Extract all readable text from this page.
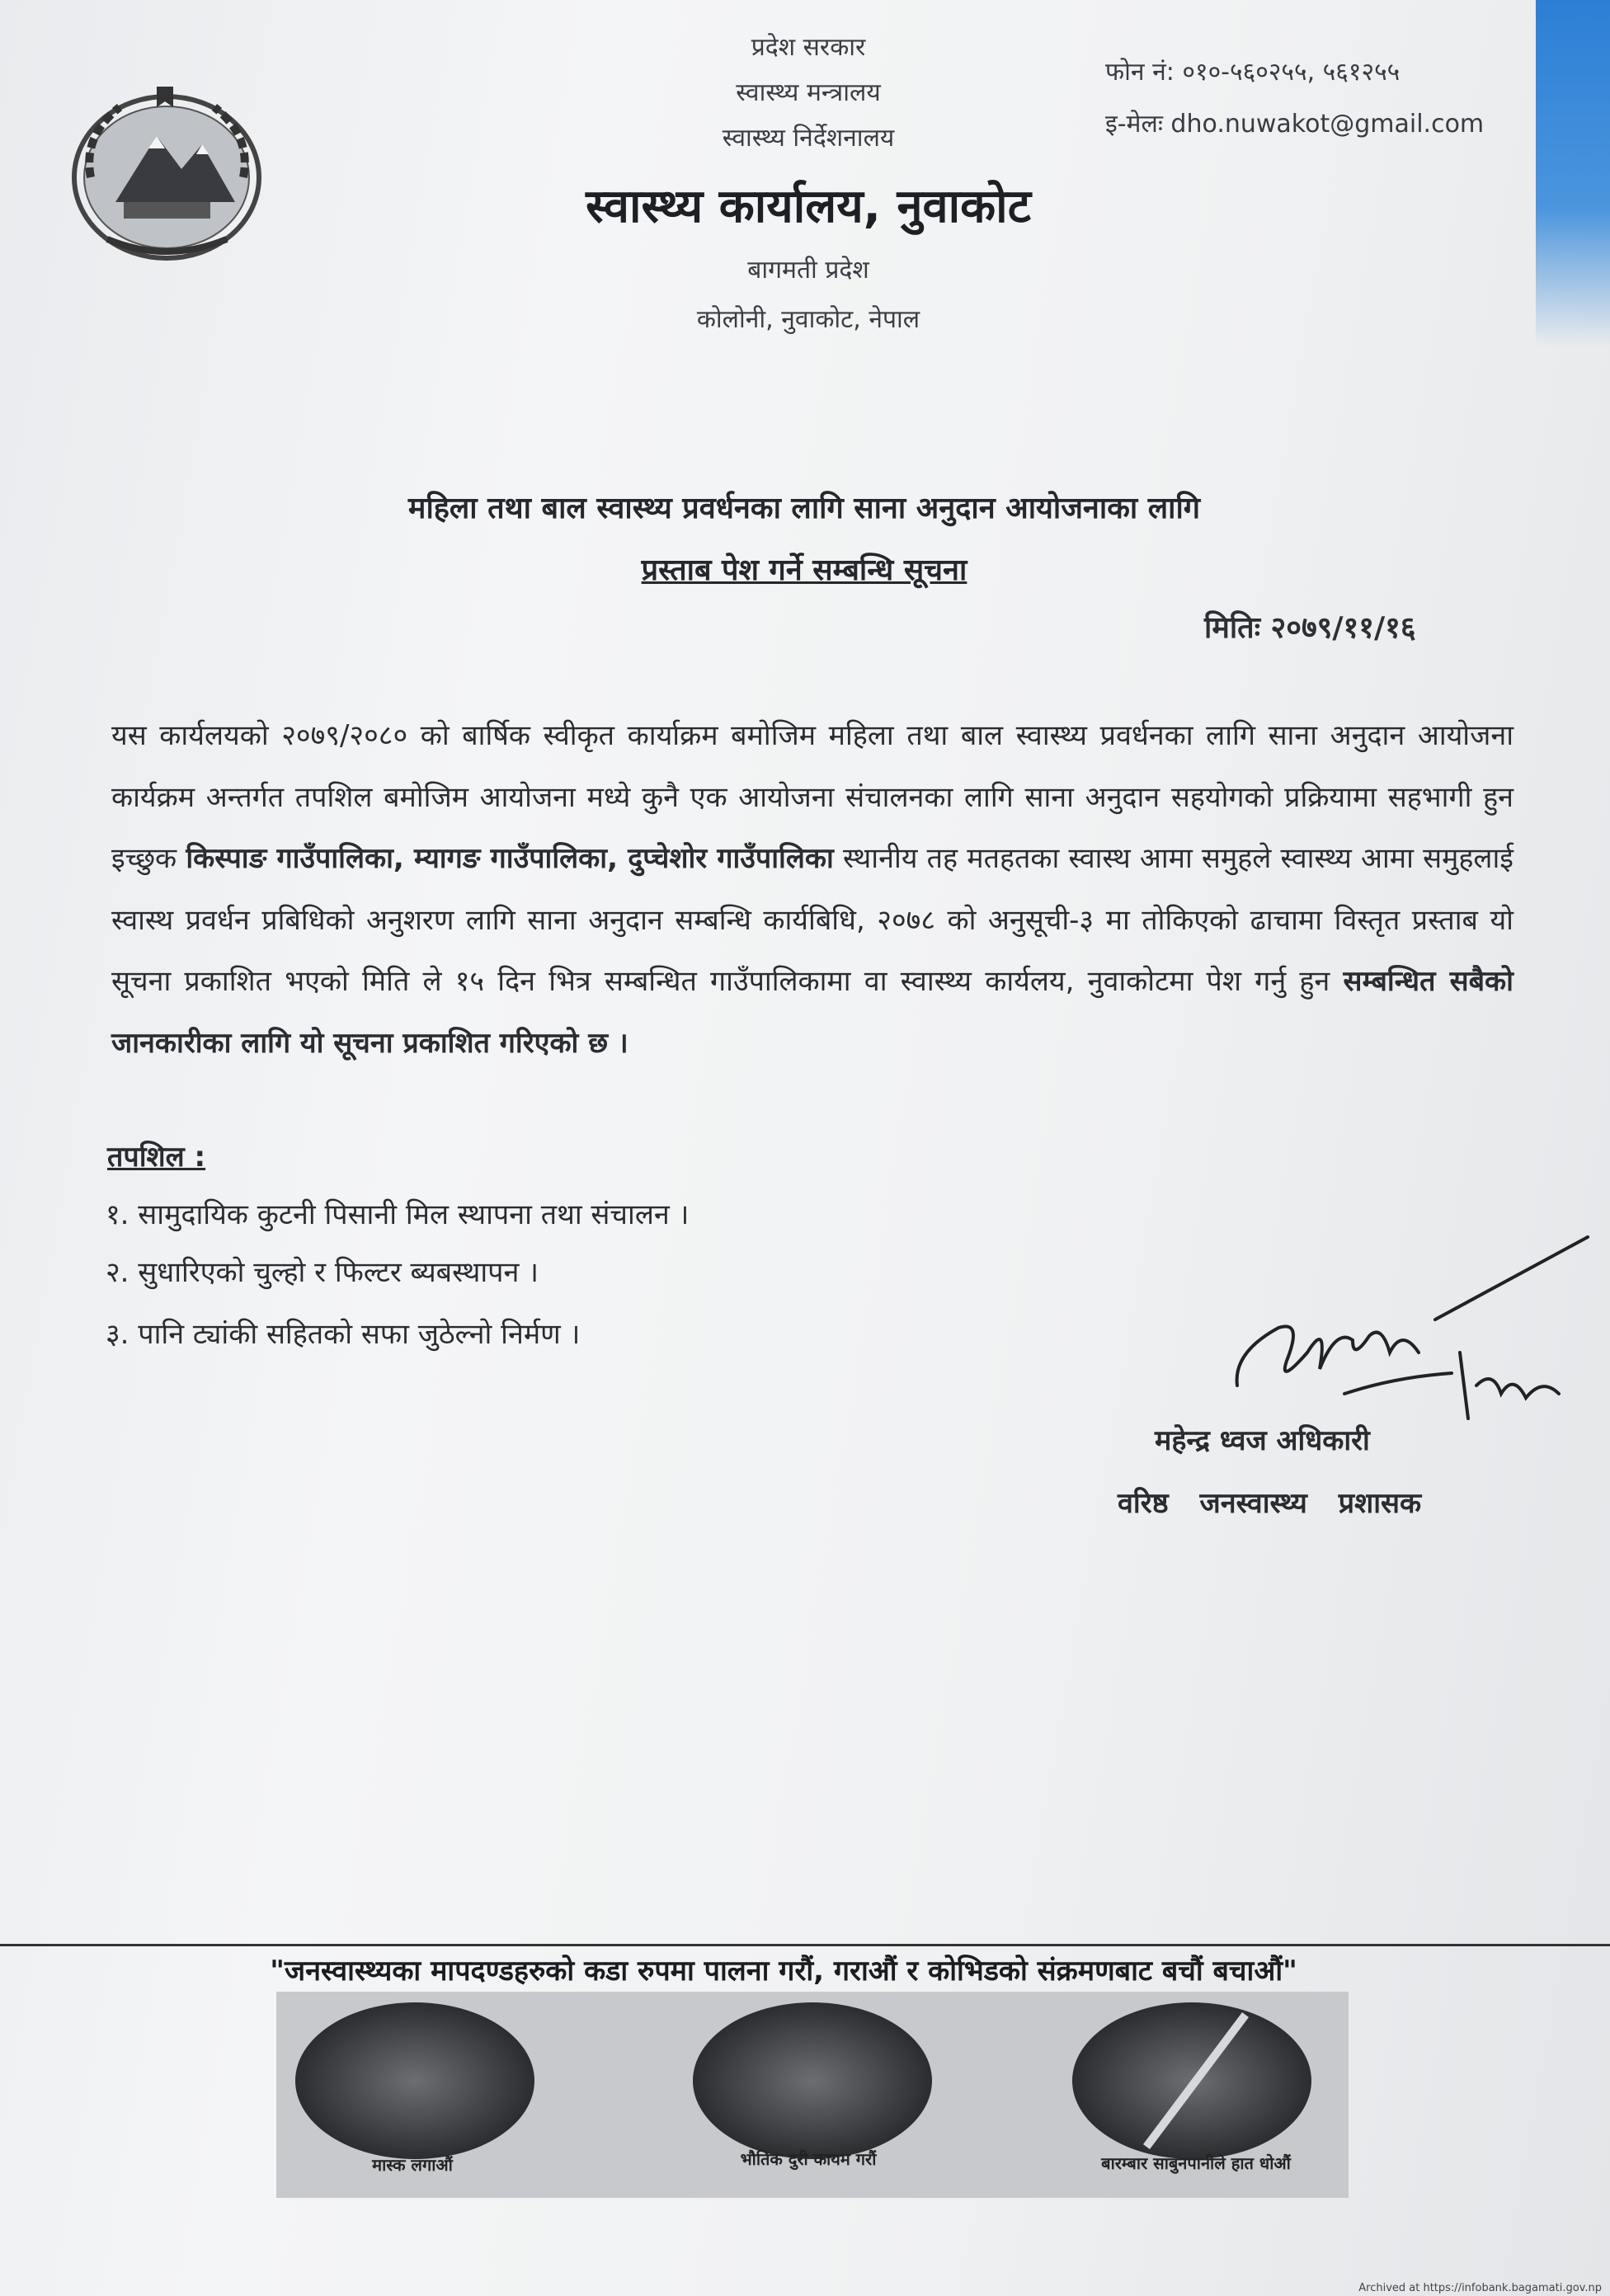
प्रदेश सरकार
स्वास्थ्य मन्त्रालय
स्वास्थ्य निर्देशनालय
स्वास्थ्य कार्यालय, नुवाकोट
बागमती प्रदेश
कोलोनी, नुवाकोट, नेपाल
फोन नं: ०१०-५६०२५५, ५६१२५५
इ-मेलः dho.nuwakot@gmail.com
महिला तथा बाल स्वास्थ्य प्रवर्धनका लागि साना अनुदान आयोजनाका लागि
प्रस्ताब पेश गर्ने सम्बन्धि सूचना
मितिः २०७९/११/१६
यस कार्यलयको २०७९/२०८० को बार्षिक स्वीकृत कार्याक्रम बमोजिम महिला तथा बाल स्वास्थ्य प्रवर्धनका लागि साना अनुदान आयोजना कार्यक्रम अन्तर्गत तपशिल बमोजिम आयोजना मध्ये कुनै एक आयोजना संचालनका लागि साना अनुदान सहयोगको प्रक्रियामा सहभागी हुन इच्छुक किस्पाङ गाउँपालिका, म्यागङ गाउँपालिका, दुप्चेशोर गाउँपालिका स्थानीय तह मतहतका स्वास्थ आमा समुहले स्वास्थ्य आमा समुहलाई स्वास्थ प्रवर्धन प्रबिधिको अनुशरण लागि साना अनुदान सम्बन्धि कार्यबिधि, २०७८ को अनुसूची-३ मा तोकिएको ढाचामा विस्तृत प्रस्ताब यो सूचना प्रकाशित भएको मिति ले १५ दिन भित्र सम्बन्धित गाउँपालिकामा वा स्वास्थ्य कार्यलय, नुवाकोटमा पेश गर्नु हुन सम्बन्धित सबैको जानकारीका लागि यो सूचना प्रकाशित गरिएको छ ।
तपशिल :
१. सामुदायिक कुटनी पिसानी मिल स्थापना तथा संचालन ।
२. सुधारिएको चुल्हो र फिल्टर ब्यबस्थापन ।
३. पानि ट्यांकी सहितको सफा जुठेल्नो निर्मण ।
महेन्द्र ध्वज अधिकारी
वरिष्ठ जनस्वास्थ्य प्रशासक
"जनस्वास्थ्यका मापदण्डहरुको कडा रुपमा पालना गरौं, गराऔं र कोभिडको संक्रमणबाट बचौं बचाऔं"
मास्क लगाऔं	भौतिक दुरी कायम गरौं	बारम्बार साबुनपानीले हात धोऔं
Archived at https://infobank.bagamati.gov.np
